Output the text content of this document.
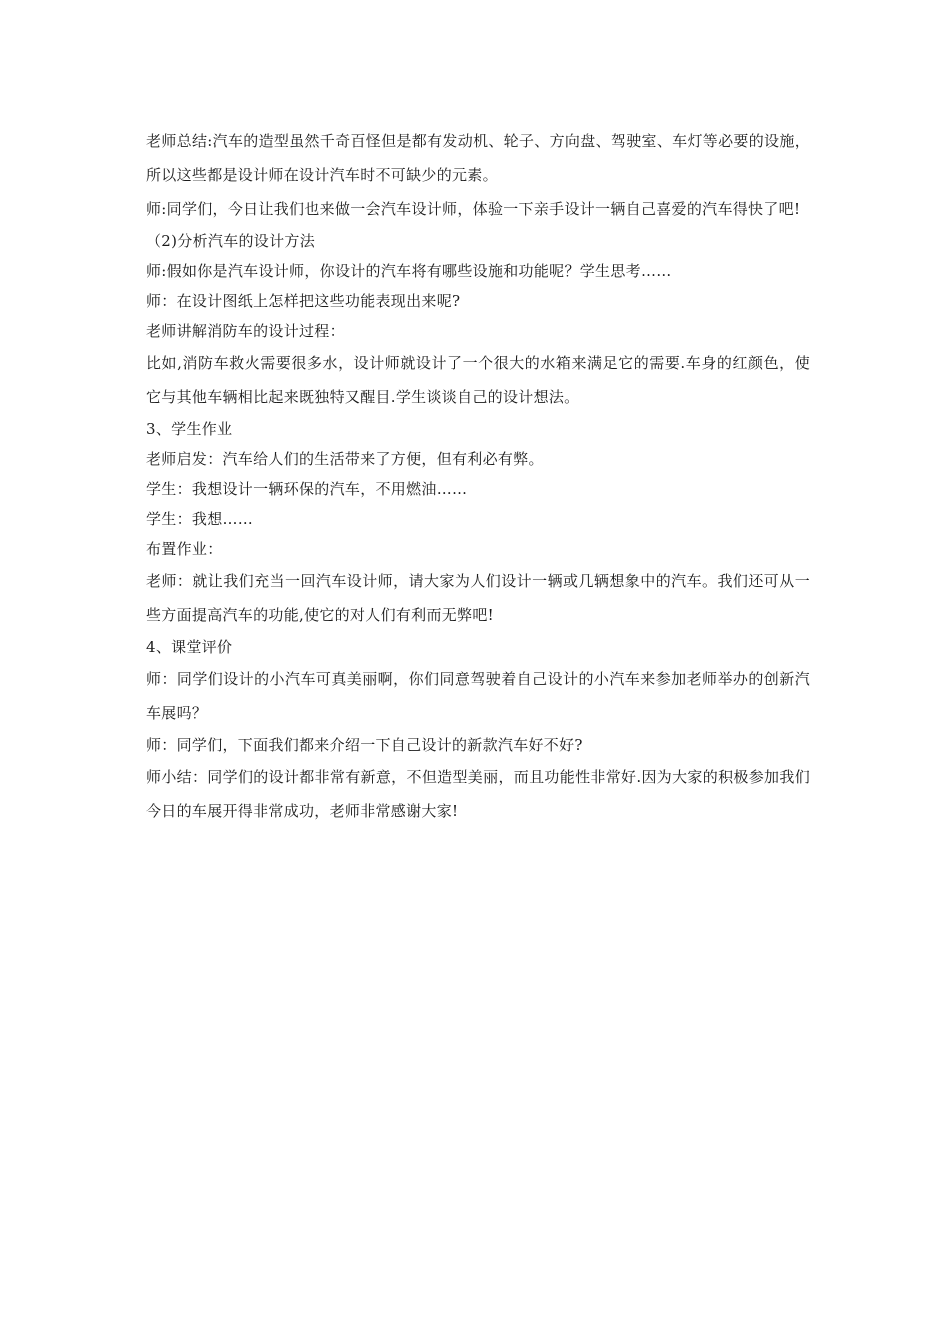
老师总结:汽车的造型虽然千奇百怪但是都有发动机、轮子、方向盘、驾驶室、车灯等必要的设施，所以这些都是设计师在设计汽车时不可缺少的元素。

师:同学们，今日让我们也来做一会汽车设计师，体验一下亲手设计一辆自己喜爱的汽车得快了吧!

（2)分析汽车的设计方法

师:假如你是汽车设计师，你设计的汽车将有哪些设施和功能呢？学生思考……

师：在设计图纸上怎样把这些功能表现出来呢?

老师讲解消防车的设计过程：

比如,消防车救火需要很多水，设计师就设计了一个很大的水箱来满足它的需要.车身的红颜色，使它与其他车辆相比起来既独特又醒目.学生谈谈自己的设计想法。

3、学生作业

老师启发：汽车给人们的生活带来了方便，但有利必有弊。

学生：我想设计一辆环保的汽车，不用燃油……

学生：我想……

布置作业：

老师：就让我们充当一回汽车设计师，请大家为人们设计一辆或几辆想象中的汽车。我们还可从一些方面提高汽车的功能,使它的对人们有利而无弊吧!

4、课堂评价

师：同学们设计的小汽车可真美丽啊，你们同意驾驶着自己设计的小汽车来参加老师举办的创新汽车展吗？

师：同学们，下面我们都来介绍一下自己设计的新款汽车好不好?

师小结：同学们的设计都非常有新意，不但造型美丽，而且功能性非常好.因为大家的积极参加我们今日的车展开得非常成功，老师非常感谢大家!
